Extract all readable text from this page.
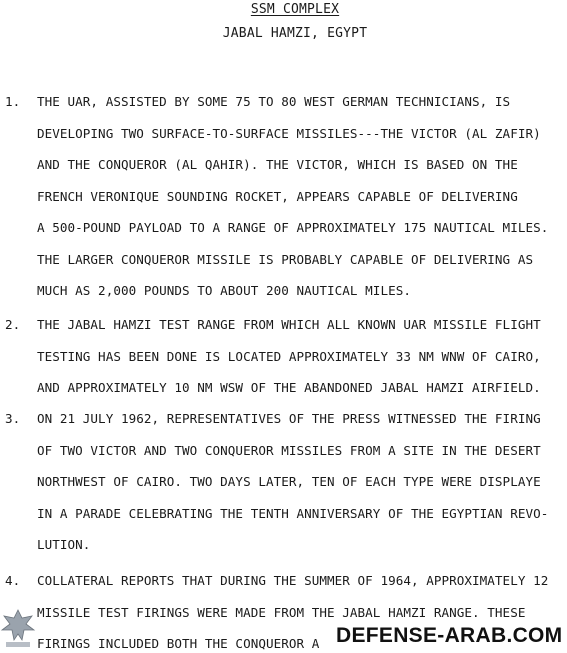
SSM COMPLEX
JABAL HAMZI, EGYPT
1. THE UAR, ASSISTED BY SOME 75 TO 80 WEST GERMAN TECHNICIANS, IS
DEVELOPING TWO SURFACE-TO-SURFACE MISSILES---THE VICTOR (AL ZAFIR)
AND THE CONQUEROR (AL QAHIR). THE VICTOR, WHICH IS BASED ON THE
FRENCH VERONIQUE SOUNDING ROCKET, APPEARS CAPABLE OF DELIVERING
A 500-POUND PAYLOAD TO A RANGE OF APPROXIMATELY 175 NAUTICAL MILES.
THE LARGER CONQUEROR MISSILE IS PROBABLY CAPABLE OF DELIVERING AS
MUCH AS 2,000 POUNDS TO ABOUT 200 NAUTICAL MILES.
2. THE JABAL HAMZI TEST RANGE FROM WHICH ALL KNOWN UAR MISSILE FLIGHT
TESTING HAS BEEN DONE IS LOCATED APPROXIMATELY 33 NM WNW OF CAIRO,
AND APPROXIMATELY 10 NM WSW OF THE ABANDONED JABAL HAMZI AIRFIELD.
3. ON 21 JULY 1962, REPRESENTATIVES OF THE PRESS WITNESSED THE FIRING
OF TWO VICTOR AND TWO CONQUEROR MISSILES FROM A SITE IN THE DESERT
NORTHWEST OF CAIRO. TWO DAYS LATER, TEN OF EACH TYPE WERE DISPLAYE
IN A PARADE CELEBRATING THE TENTH ANNIVERSARY OF THE EGYPTIAN REVO-
LUTION.
4. COLLATERAL REPORTS THAT DURING THE SUMMER OF 1964, APPROXIMATELY 12
MISSILE TEST FIRINGS WERE MADE FROM THE JABAL HAMZI RANGE. THESE
FIRINGS INCLUDED BOTH THE CONQUEROR A DEFENSE-ARAB.COM
